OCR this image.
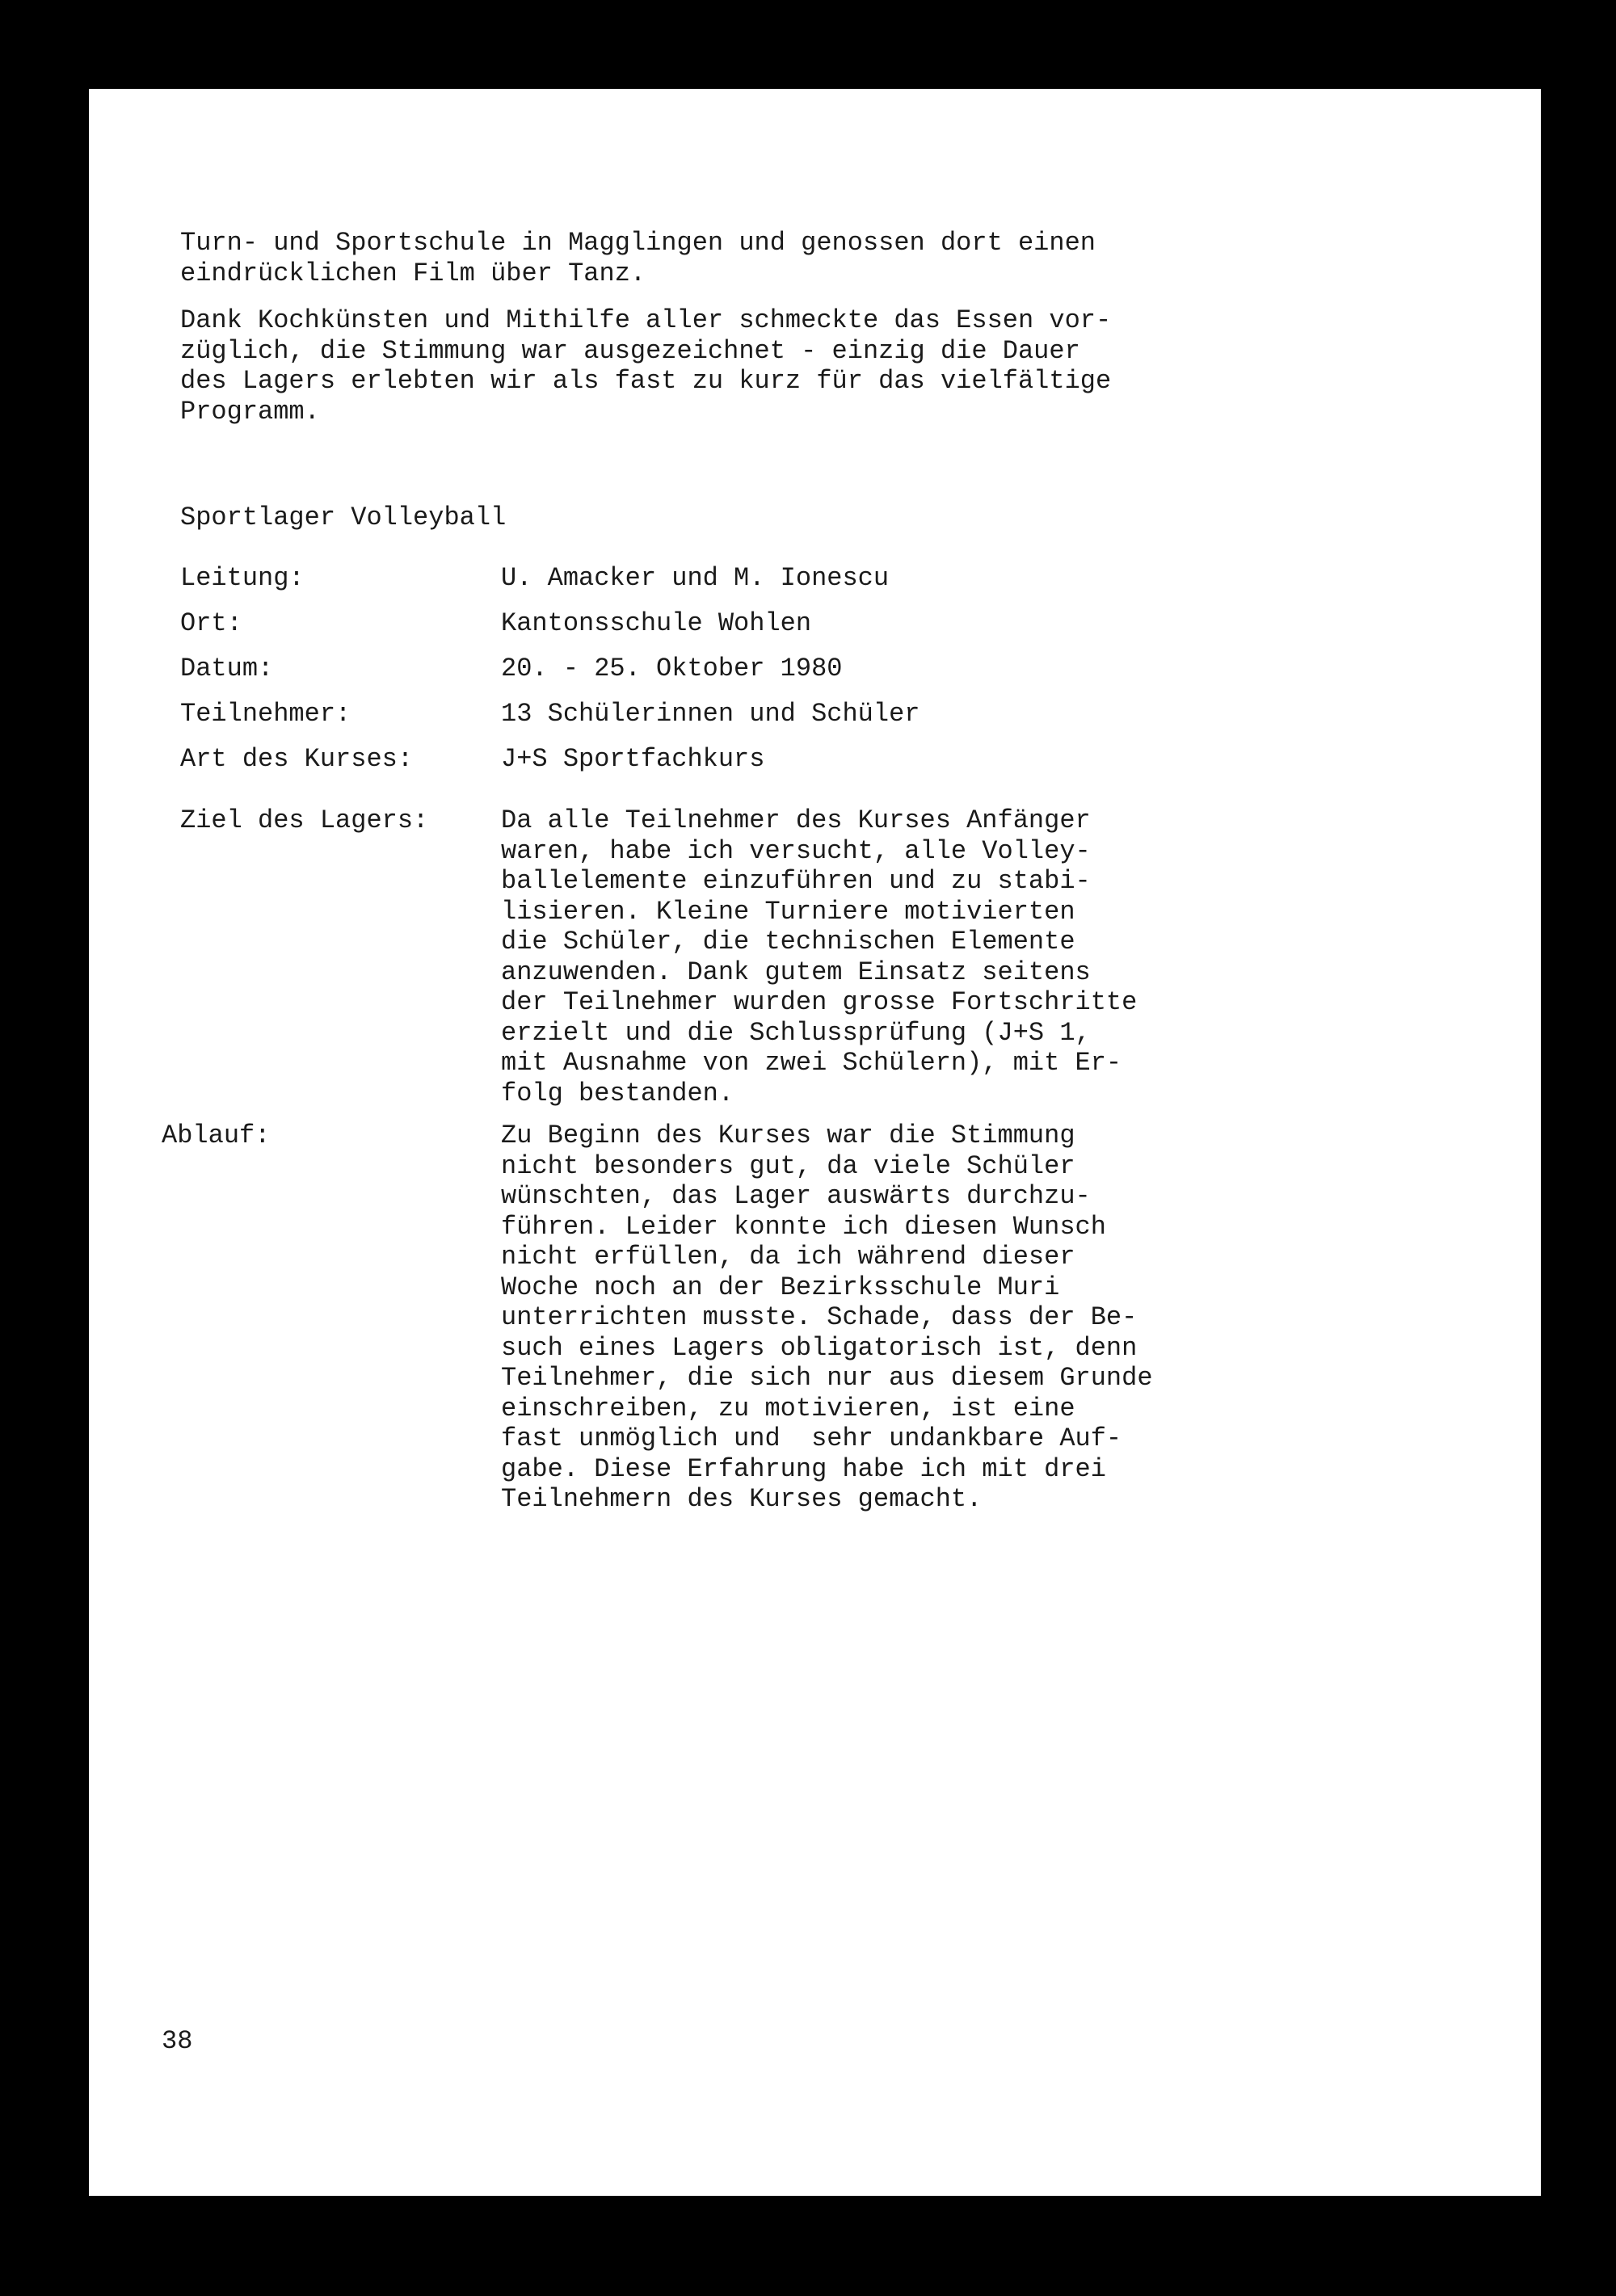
Turn- und Sportschule in Magglingen und genossen dort einen
eindrücklichen Film über Tanz.

Dank Kochkünsten und Mithilfe aller schmeckte das Essen vor-
züglich, die Stimmung war ausgezeichnet - einzig die Dauer
des Lagers erlebten wir als fast zu kurz für das vielfältige
Programm.

Sportlager Volleyball

Leitung:	U. Amacker und M. Ionescu
Ort:	Kantonsschule Wohlen
Datum:	20. - 25. Oktober 1980
Teilnehmer:	13 Schülerinnen und Schüler
Art des Kurses:	J+S Sportfachkurs
Ziel des Lagers:	Da alle Teilnehmer des Kurses Anfänger
waren, habe ich versucht, alle Volley-
ballelemente einzuführen und zu stabi-
lisieren. Kleine Turniere motivierten
die Schüler, die technischen Elemente
anzuwenden. Dank gutem Einsatz seitens
der Teilnehmer wurden grosse Fortschritte
erzielt und die Schlussprüfung (J+S 1,
mit Ausnahme von zwei Schülern), mit Er-
folg bestanden.
Ablauf:	Zu Beginn des Kurses war die Stimmung
nicht besonders gut, da viele Schüler
wünschten, das Lager auswärts durchzu-
führen. Leider konnte ich diesen Wunsch
nicht erfüllen, da ich während dieser
Woche noch an der Bezirksschule Muri
unterrichten musste. Schade, dass der Be-
such eines Lagers obligatorisch ist, denn
Teilnehmer, die sich nur aus diesem Grunde
einschreiben, zu motivieren, ist eine
fast unmöglich und  sehr undankbare Auf-
gabe. Diese Erfahrung habe ich mit drei
Teilnehmern des Kurses gemacht.
38
